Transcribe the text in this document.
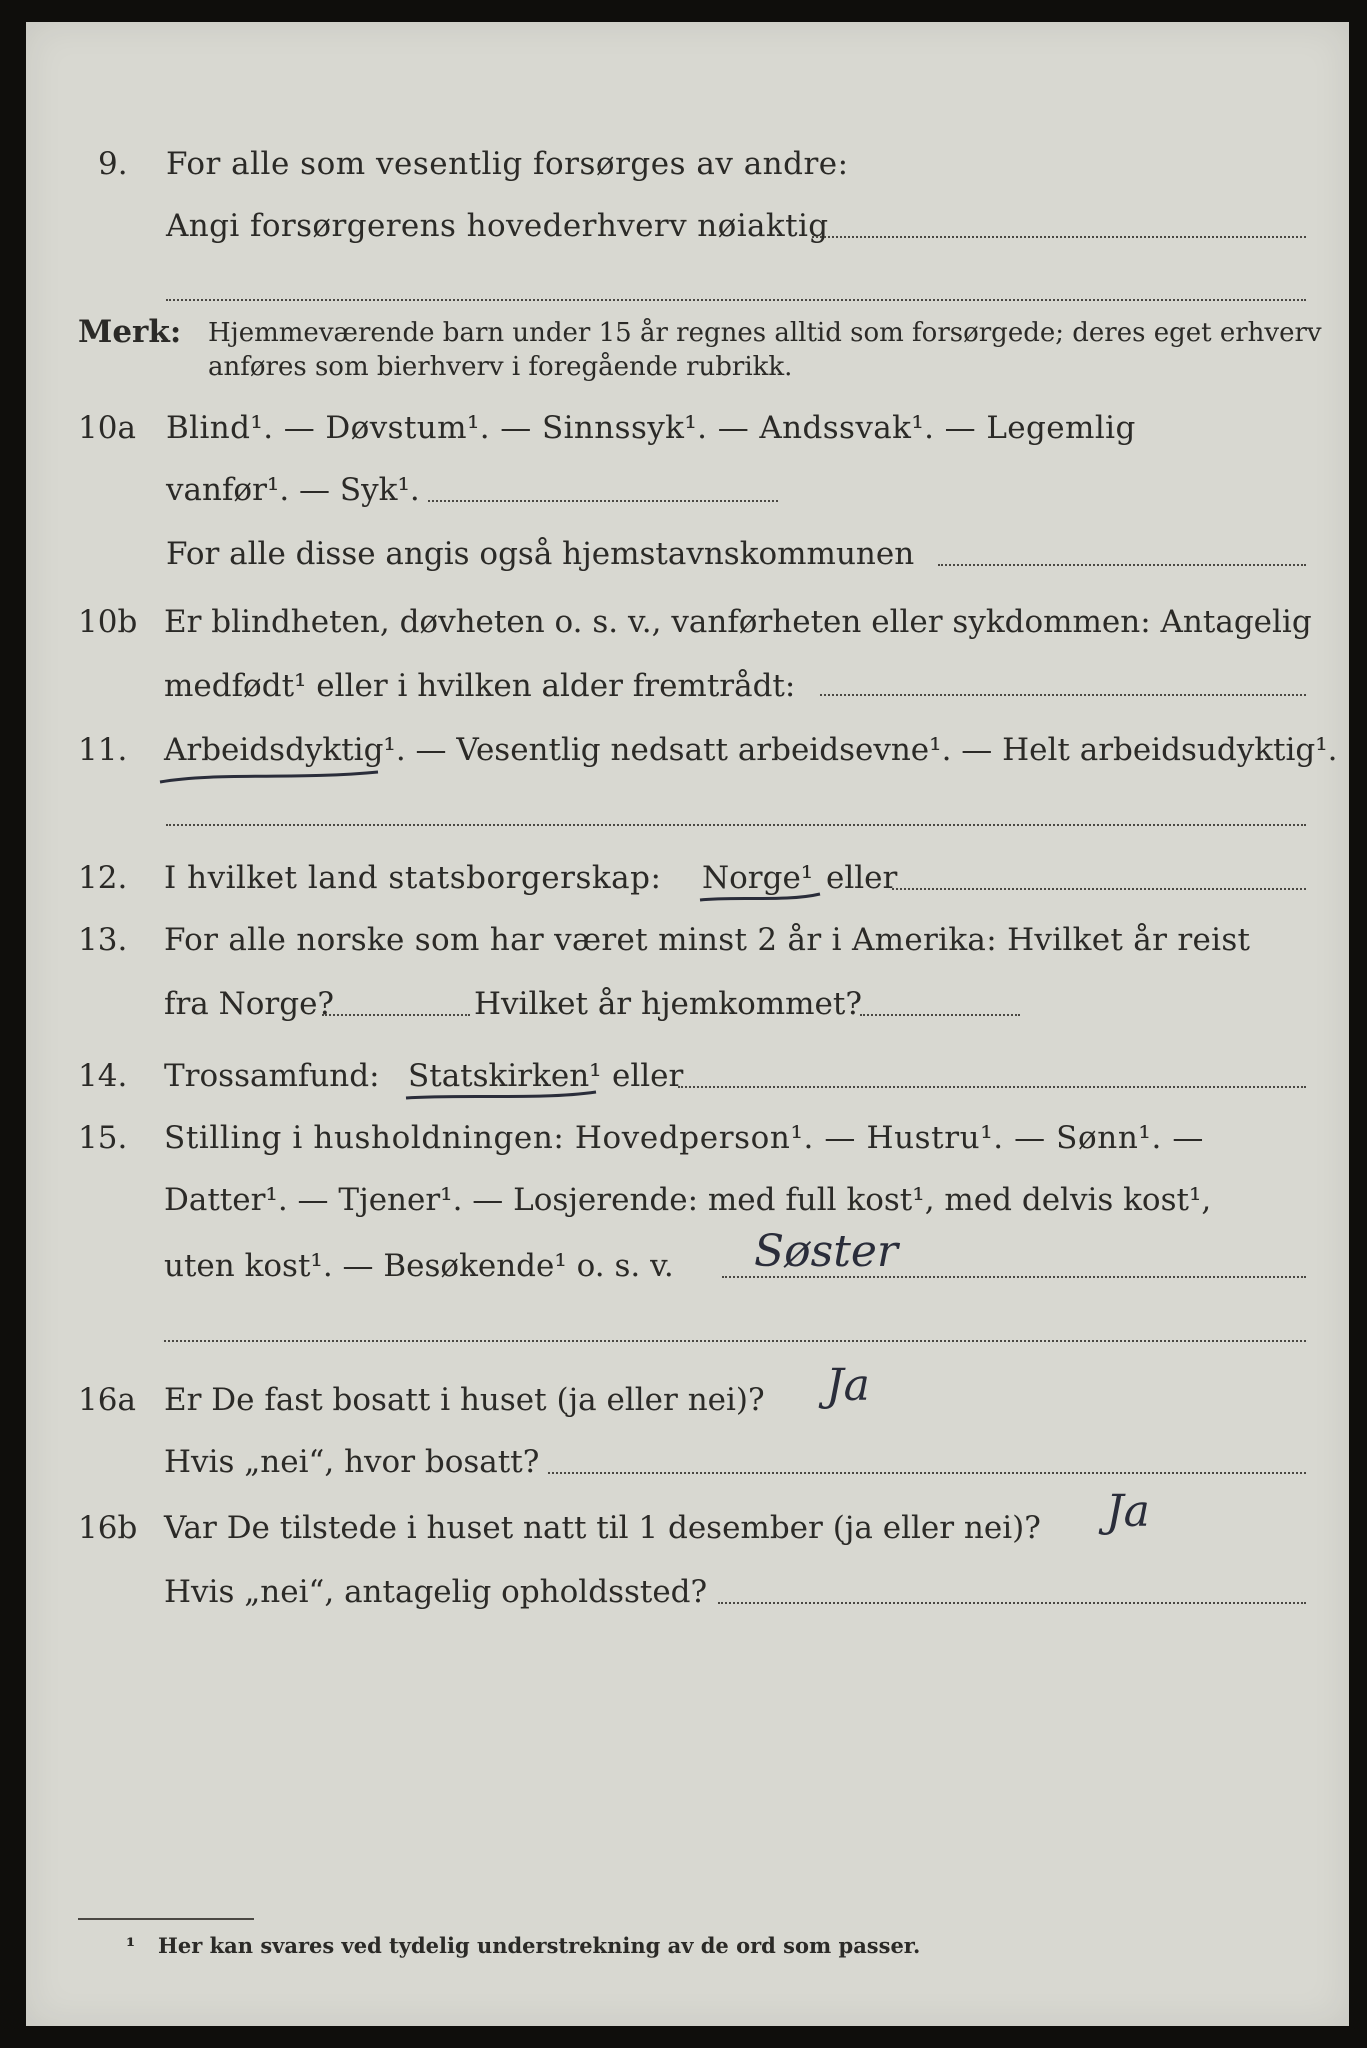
9. For alle som vesentlig forsørges av andre:
Angi forsørgerens hovederhverv nøiaktig
Merk: Hjemmeværende barn under 15 år regnes alltid som forsørgede; deres eget erhverv
anføres som bierhverv i foregående rubrikk.
10a Blind¹. — Døvstum¹. — Sinnssyk¹. — Andssvak¹. — Legemlig
vanfør¹. — Syk¹.
For alle disse angis også hjemstavnskommunen
10b Er blindheten, døvheten o. s. v., vanførheten eller sykdommen: Antagelig
medfødt¹ eller i hvilken alder fremtrådt:
11. Arbeidsdyktig¹. — Vesentlig nedsatt arbeidsevne¹. — Helt arbeidsudyktig¹.
12. I hvilket land statsborgerskap: Norge¹ eller
13. For alle norske som har været minst 2 år i Amerika: Hvilket år reist
fra Norge?	Hvilket år hjemkommet?
14. Trossamfund: Statskirken¹ eller
15. Stilling i husholdningen: Hovedperson¹. — Hustru¹. — Sønn¹. —
Datter¹. — Tjener¹. — Losjerende: med full kost¹, med delvis kost¹,
uten kost¹. — Besøkende¹ o. s. v. Søster
16a Er De fast bosatt i huset (ja eller nei)? Ja
Hvis „nei“, hvor bosatt?
16b Var De tilstede i huset natt til 1 desember (ja eller nei)? Ja
Hvis „nei“, antagelig opholdssted?
¹ Her kan svares ved tydelig understrekning av de ord som passer.
